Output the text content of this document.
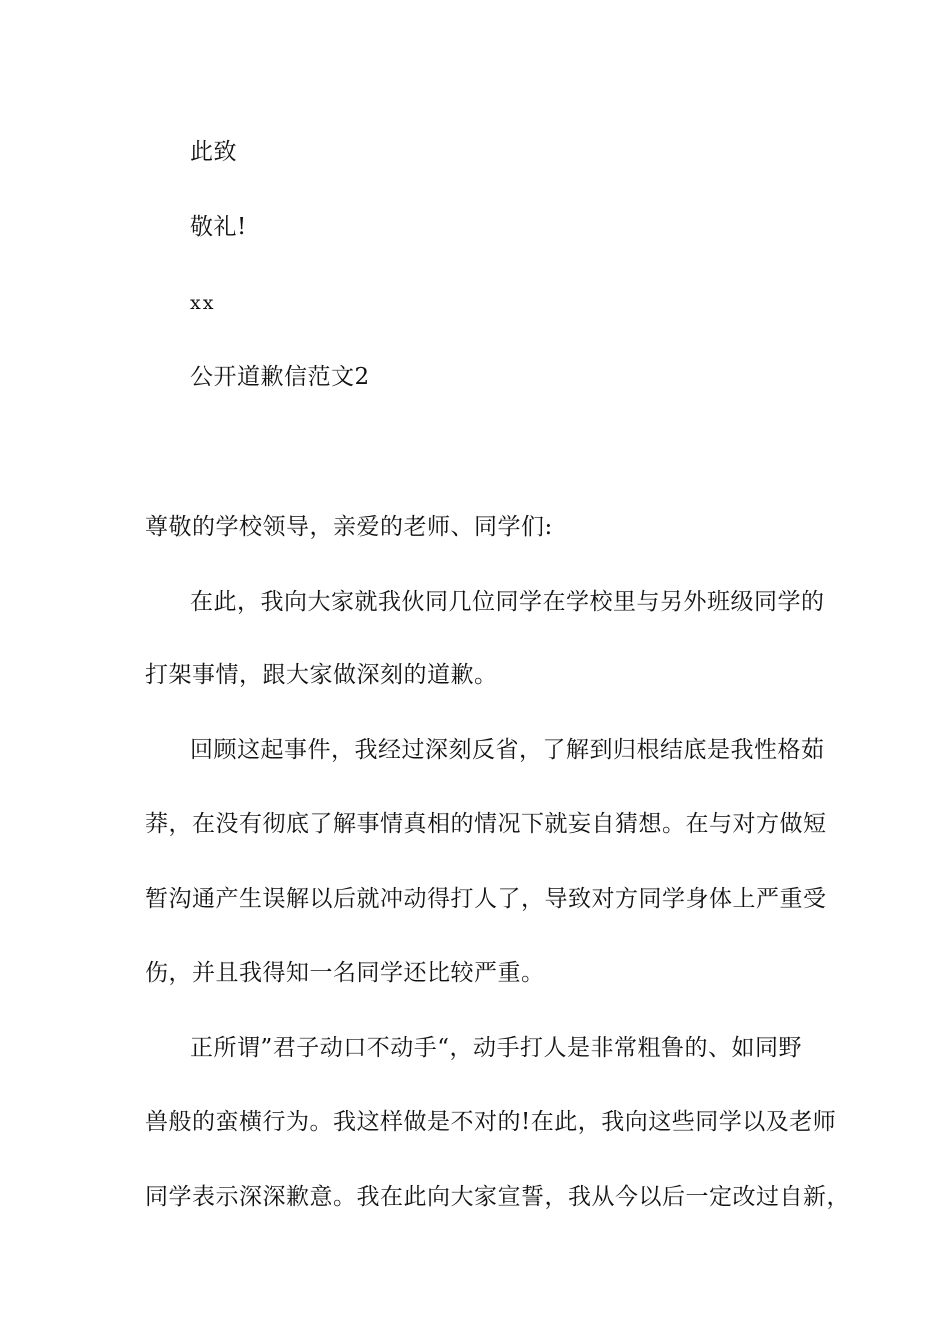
此致
敬礼!
xx
公开道歉信范文2
尊敬的学校领导，亲爱的老师、同学们:
在此，我向大家就我伙同几位同学在学校里与另外班级同学的
打架事情，跟大家做深刻的道歉。
回顾这起事件，我经过深刻反省，了解到归根结底是我性格茹
莽，在没有彻底了解事情真相的情况下就妄自猜想。在与对方做短
暂沟通产生误解以后就冲动得打人了，导致对方同学身体上严重受
伤，并且我得知一名同学还比较严重。
正所谓”君子动口不动手“，动手打人是非常粗鲁的、如同野
兽般的蛮横行为。我这样做是不对的!在此，我向这些同学以及老师
同学表示深深歉意。我在此向大家宣誓，我从今以后一定改过自新，
